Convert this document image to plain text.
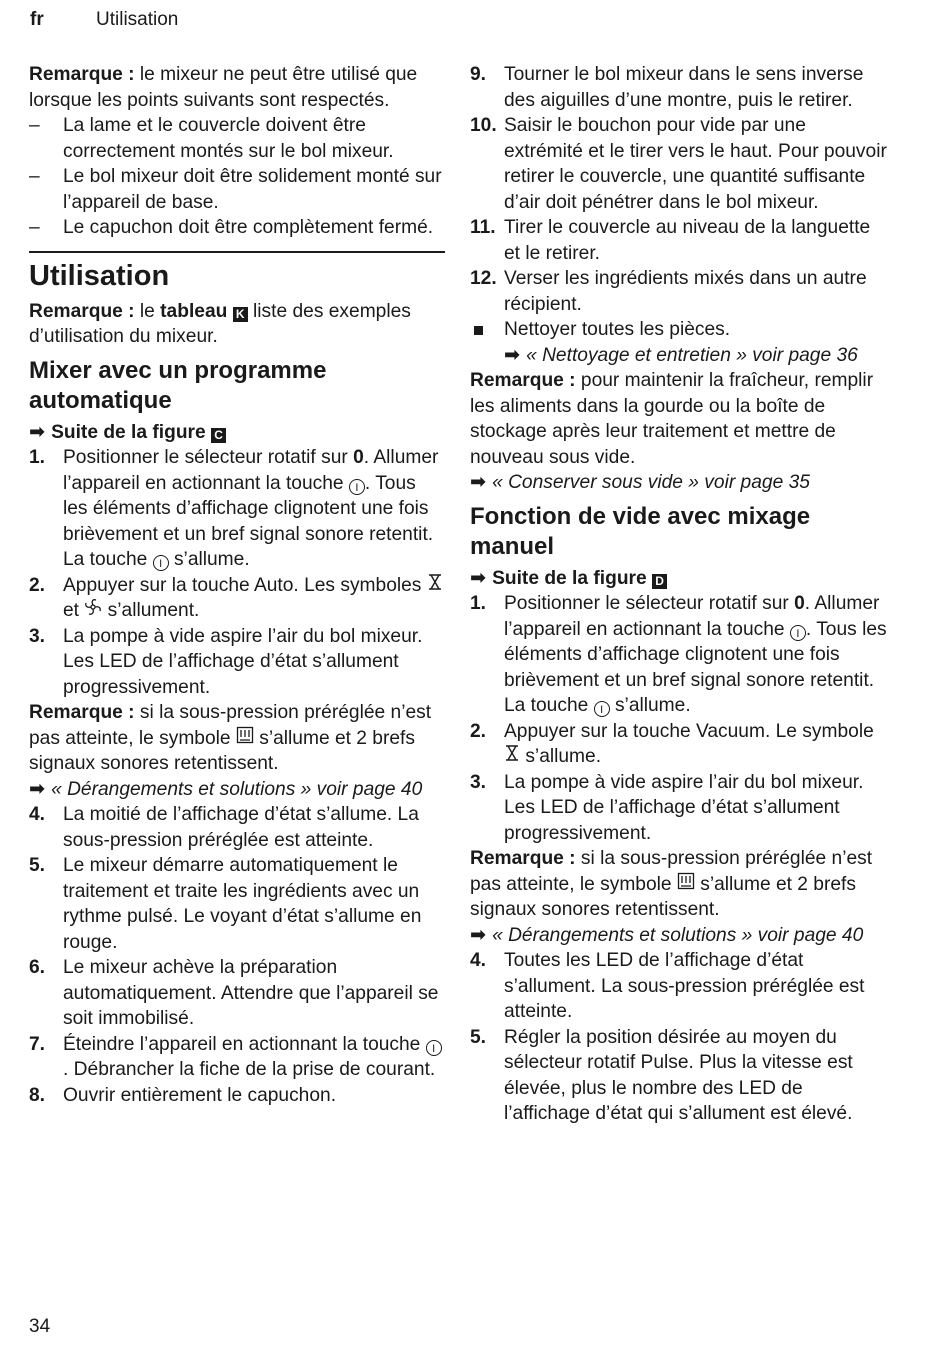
fr	Utilisation

Remarque : le mixeur ne peut être utilisé que lorsque les points suivants sont respectés.

– La lame et le couvercle doivent être correctement montés sur le bol mixeur.
– Le bol mixeur doit être solidement monté sur l’appareil de base.
– Le capuchon doit être complètement fermé.
Utilisation

Remarque : le tableau K liste des exemples d’utilisation du mixeur.

Mixer avec un programme automatique

➡ Suite de la figure C

1. Positionner le sélecteur rotatif sur 0. Allumer l’appareil en actionnant la touche I . Tous les éléments d’affichage clignotent une fois brièvement et un bref signal sonore retentit. La touche I s’allume.
2. Appuyer sur la touche Auto. Les symboles  et  s’allument.
3. La pompe à vide aspire l’air du bol mixeur. Les LED de l’affichage d’état s’allument progressivement.

Remarque : si la sous-pression préréglée n’est pas atteinte, le symbole  s’allume et 2 brefs signaux sonores retentissent.

➡ « Dérangements et solutions » voir page 40

4. La moitié de l’affichage d’état s’allume. La sous-pression préréglée est atteinte.
5. Le mixeur démarre automatiquement le traitement et traite les ingrédients avec un rythme pulsé. Le voyant d’état s’allume en rouge.
6. Le mixeur achève la préparation automatiquement. Attendre que l’appareil se soit immobilisé.
7. Éteindre l’appareil en actionnant la touche I. Débrancher la fiche de la prise de courant.
8. Ouvrir entièrement le capuchon.
9. Tourner le bol mixeur dans le sens inverse des aiguilles d’une montre, puis le retirer.
10. Saisir le bouchon pour vide par une extrémité et le tirer vers le haut. Pour pouvoir retirer le couvercle, une quantité suffisante d’air doit pénétrer dans le bol mixeur.
11. Tirer le couvercle au niveau de la languette et le retirer.
12. Verser les ingrédients mixés dans un autre récipient.
Nettoyer toutes les pièces.

➡ « Nettoyage et entretien » voir page 36

Remarque : pour maintenir la fraîcheur, remplir les aliments dans la gourde ou la boîte de stockage après leur traitement et mettre de nouveau sous vide.

➡ « Conserver sous vide » voir page 35

Fonction de vide avec mixage manuel

➡ Suite de la figure D

1. Positionner le sélecteur rotatif sur 0. Allumer l’appareil en actionnant la touche I . Tous les éléments d’affichage clignotent une fois brièvement et un bref signal sonore retentit. La touche I s’allume.
2. Appuyer sur la touche Vacuum. Le symbole  s’allume.
3. La pompe à vide aspire l’air du bol mixeur. Les LED de l’affichage d’état s’allument progressivement.

Remarque : si la sous-pression préréglée n’est pas atteinte, le symbole  s’allume et 2 brefs signaux sonores retentissent.

➡ « Dérangements et solutions » voir page 40

4. Toutes les LED de l’affichage d’état s’allument. La sous-pression préréglée est atteinte.
5. Régler la position désirée au moyen du sélecteur rotatif Pulse. Plus la vitesse est élevée, plus le nombre des LED de l’affichage d’état qui s’allument est élevé.
34
